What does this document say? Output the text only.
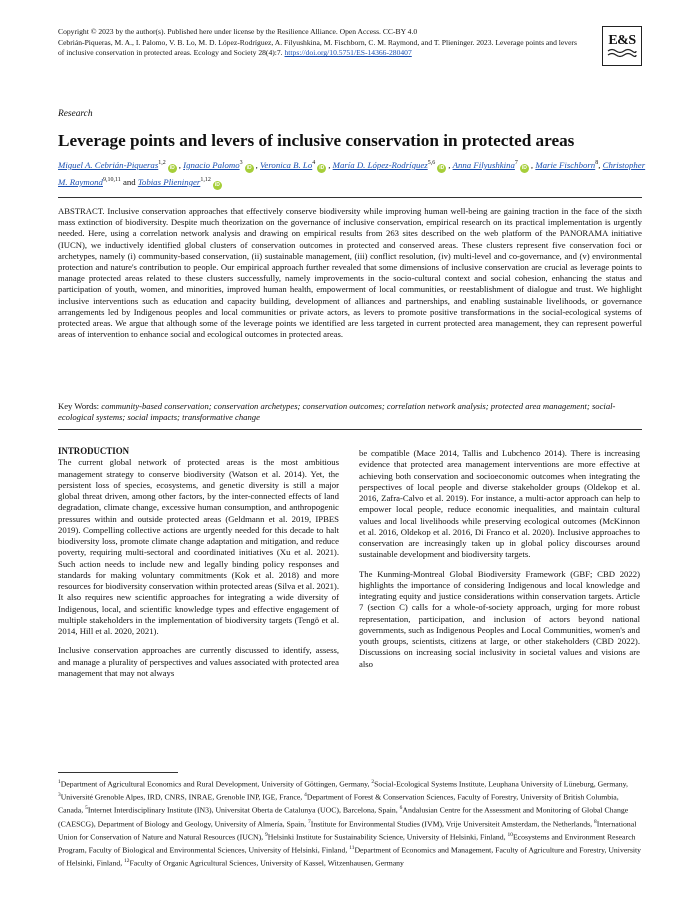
Copyright © 2023 by the author(s). Published here under license by the Resilience Alliance. Open Access. CC-BY 4.0
Cebrián-Piqueras, M. A., I. Palomo, V. B. Lo, M. D. López-Rodríguez, A. Filyushkina, M. Fischborn, C. M. Raymond, and T. Plieninger. 2023. Leverage points and levers of inclusive conservation in protected areas. Ecology and Society 28(4):7. https://doi.org/10.5751/ES-14366-280407
E&S
Research
Leverage points and levers of inclusive conservation in protected areas
Miguel A. Cebrián-Piqueras$^{1,2}$iD , Ignacio Palomo$^3$iD , Veronica B. Lo$^4$iD , María D. López-Rodríguez$^{5,6}$iD , Anna Filyushkina$^7$iD , Marie Fischborn$^8$, Christopher M. Raymond$^{9,10,11}$ and Tobias Plieninger$^{1,12}$iD

ABSTRACT. Inclusive conservation approaches that effectively conserve biodiversity while improving human well-being are gaining traction in the face of the sixth mass extinction of biodiversity. Despite much theorization on the governance of inclusive conservation, empirical research on its practical implementation is urgently needed. Here, using a correlation network analysis and drawing on empirical results from 263 sites described on the web platform of the PANORAMA initiative (IUCN), we inductively identified global clusters of conservation outcomes in protected and conserved areas. These clusters represent five conservation foci or archetypes, namely (i) community-based conservation, (ii) sustainable management, (iii) conflict resolution, (iv) multi-level and co-governance, and (v) environmental protection and nature's contribution to people. Our empirical approach further revealed that some dimensions of inclusive conservation are crucial as leverage points to manage protected areas related to these clusters successfully, namely improvements in the socio-cultural context and social cohesion, enhancing the status and participation of youth, women, and minorities, improved human health, empowerment of local communities, or reestablishment of dialogue and trust. We highlight inclusive interventions such as education and capacity building, development of alliances and partnerships, and enabling sustainable livelihoods, or governance arrangements led by Indigenous peoples and local communities or private actors, as levers to promote positive transformations in the social-ecological systems of protected areas. We argue that although some of the leverage points we identified are less targeted in current protected area management, they can represent powerful areas of intervention to enhance social and ecological outcomes in protected areas.

Key Words: community-based conservation; conservation archetypes; conservation outcomes; correlation network analysis; protected area management; social-ecological systems; social impacts; transformative change

INTRODUCTION

The current global network of protected areas is the most ambitious management strategy to conserve biodiversity (Watson et al. 2014). Yet, the persistent loss of species, ecosystems, and genetic diversity is still a major global threat driven, among other factors, by the inter-connected effects of land degradation, climate change, excessive human consumption, and anthropogenic pressures within and outside protected areas (Geldmann et al. 2019, IPBES 2019). Compelling collective actions are urgently needed for this decade to halt biodiversity loss, promote climate change adaptation and mitigation, and reduce poverty, requiring multi-sectoral and coordinated initiatives (Xu et al. 2021). Such action needs to include new and legally binding policy responses and standards for making voluntary commitments (Kok et al. 2018) and more resources for biodiversity conservation within protected areas (Silva et al. 2021). It also requires new scientific approaches for integrating a wide diversity of Indigenous, local, and scientific knowledge types and effective engagement of multiple stakeholders in the implementation of biodiversity targets (Tengö et al. 2014, Hill et al. 2020, 2021).

Inclusive conservation approaches are currently discussed to identify, assess, and manage a plurality of perspectives and values associated with protected area management that may not always

be compatible (Mace 2014, Tallis and Lubchenco 2014). There is increasing evidence that protected area management interventions are more effective at achieving both conservation and socioeconomic outcomes when integrating the perspectives of local people and diverse stakeholder groups (Oldekop et al. 2016, Zafra-Calvo et al. 2019). For instance, a multi-actor approach can help to empower local people, reduce economic inequalities, and maintain cultural values and local livelihoods while preserving ecological outcomes (McKinnon et al. 2016, Oldekop et al. 2016, Di Franco et al. 2020). Inclusive approaches to conservation are increasingly taken up in global policy discourses around sustainable development and biodiversity targets.

The Kunming-Montreal Global Biodiversity Framework (GBF; CBD 2022) highlights the importance of considering Indigenous and local knowledge and integrating equity and justice considerations within conservation targets. Article 7 (section C) calls for a whole-of-society approach, urging for more robust representation, participation, and inclusion of actors beyond national governments, such as Indigenous Peoples and Local Communities, women's and youth groups, scientists, citizens at large, or other stakeholders (CBD 2022). Discussions on increasing social inclusivity in societal values and visions are also

$^1$Department of Agricultural Economics and Rural Development, University of Göttingen, Germany, $^2$Social-Ecological Systems Institute, Leuphana University of Lüneburg, Germany, $^3$Université Grenoble Alpes, IRD, CNRS, INRAE, Grenoble INP, IGE, France, $^4$Department of Forest & Conservation Sciences, Faculty of Forestry, University of British Columbia, Canada, $^5$Internet Interdisciplinary Institute (IN3), Universitat Oberta de Catalunya (UOC), Barcelona, Spain, $^6$Andalusian Centre for the Assessment and Monitoring of Global Change (CAESCG), Department of Biology and Geology, University of Almería, Spain, $^7$Institute for Environmental Studies (IVM), Vrije Universiteit Amsterdam, the Netherlands, $^8$International Union for Conservation of Nature and Natural Resources (IUCN), $^9$Helsinki Institute for Sustainability Science, University of Helsinki, Finland, $^{10}$Ecosystems and Environment Research Program, Faculty of Biological and Environmental Sciences, University of Helsinki, Finland, $^{11}$Department of Economics and Management, Faculty of Agriculture and Forestry, University of Helsinki, Finland, $^{12}$Faculty of Organic Agricultural Sciences, University of Kassel, Witzenhausen, Germany
